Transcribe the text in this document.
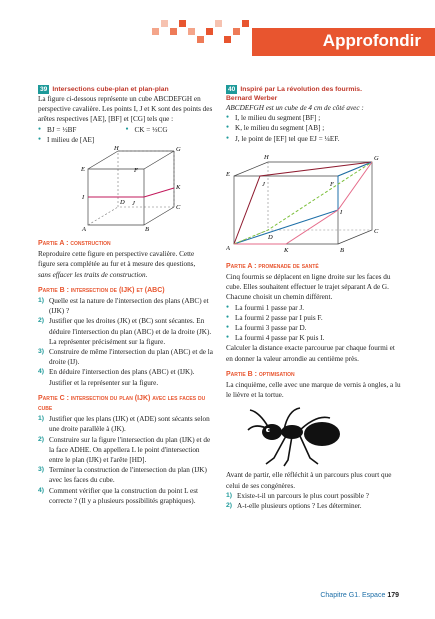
Approfondir
39 Intersections cube-plan et plan-plan

La figure ci-dessous représente un cube ABCDEFGH en perspective cavalière. Les points I, J et K sont des points des arêtes respectives [AE], [BF] et [CG] tels que :

● BJ = ½BF
●	CK = ⅓CG
● I milieu de [AE]
H	G
E	F
I
J
K
D
C
A	B
Partie A : construction

Reproduire cette figure en perspective cavalière. Cette figure sera complétée au fur et à mesure des questions,

sans effacer les traits de construction.

Partie B : intersection de (IJK) et (ABC)
1) Quelle est la nature de l'intersection des plans (ABC) et (IJK) ?
2) Justifier que les droites (JK) et (BC) sont sécantes. En déduire l'intersection du plan (ABC) et de la droite (JK). La représenter précisément sur la figure.
3) Construire de même l'intersection du plan (ABC) et de la droite (IJ).
4) En déduire l'intersection des plans (ABC) et (IJK). Justifier et la représenter sur la figure.
Partie C : intersection du plan (IJK) avec les faces du cube
1) Justifier que les plans (IJK) et (ADE) sont sécants selon une droite parallèle à (JK).
2) Construire sur la figure l'intersection du plan (IJK) et de la face ADHE. On appellera L le point d'intersection entre le plan (IJK) et l'arête [HD].
3) Terminer la construction de l'intersection du plan (IJK) avec les faces du cube.
4) Comment vérifier que la construction du point L est correcte ? (Il y a plusieurs possibilités graphiques).
40 Inspiré par La révolution des fourmis.
Bernard Werber

ABCDEFGH est un cube de 4 cm de côté avec :

● I, le milieu du segment [BF] ;
● K, le milieu du segment [AB] ;
● J, le point de [EF] tel que EJ = ¼EF.
H	G
E
J	F
I
D
C
A	K	B
Partie A : promenade de santé

Cinq fourmis se déplacent en ligne droite sur les faces du cube. Elles souhaitent effectuer le trajet séparant A de G. Chacune choisit un chemin différent.

● La fourmi 1 passe par J.
● La fourmi 2 passe par I puis F.
● La fourmi 3 passe par D.
● La fourmi 4 passe par K puis I.

Calculer la distance exacte parcourue par chaque fourmi et en donner la valeur arrondie au centième près.

Partie B : optimisation

La cinquième, celle avec une marque de vernis à ongles, a lu le lièvre et la tortue.

Avant de partir, elle réfléchit à un parcours plus court que celui de ses congénères.

1) Existe-t-il un parcours le plus court possible ?
2) A-t-elle plusieurs options ? Les déterminer.
Chapitre G1. Espace 179
